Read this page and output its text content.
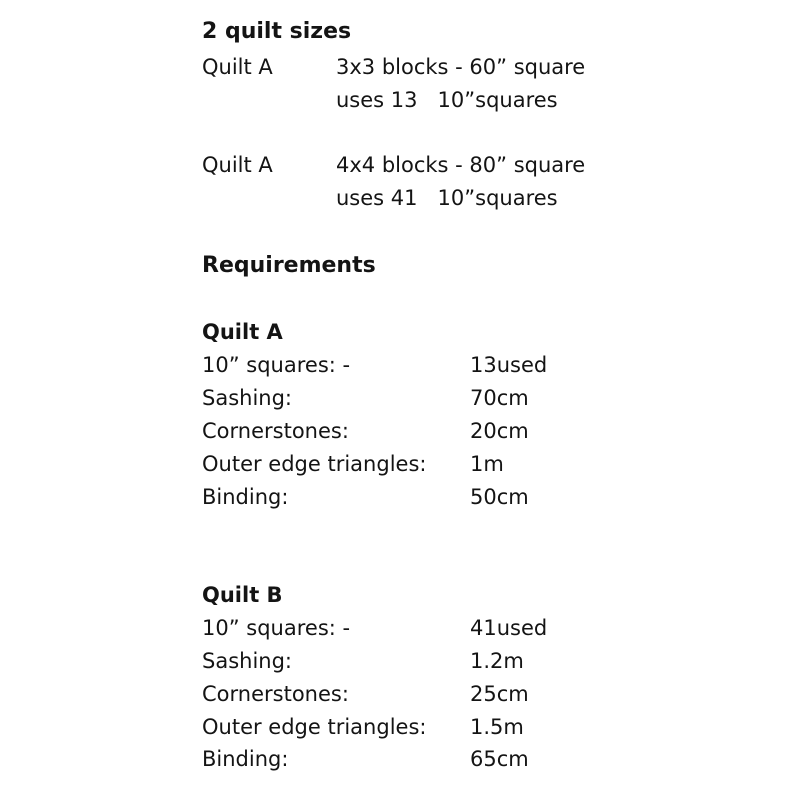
2 quilt sizes
Quilt A	3x3 blocks - 60” square
uses 13   10”squares
Quilt A	4x4 blocks - 80” square
uses 41   10”squares
Requirements
Quilt A
10” squares: -	13used
Sashing:	70cm
Cornerstones:	20cm
Outer edge triangles: 1m
Binding:	50cm
Quilt B
10” squares: -	41used
Sashing:	1.2m
Cornerstones:	25cm
Outer edge triangles: 1.5m
Binding:	65cm
